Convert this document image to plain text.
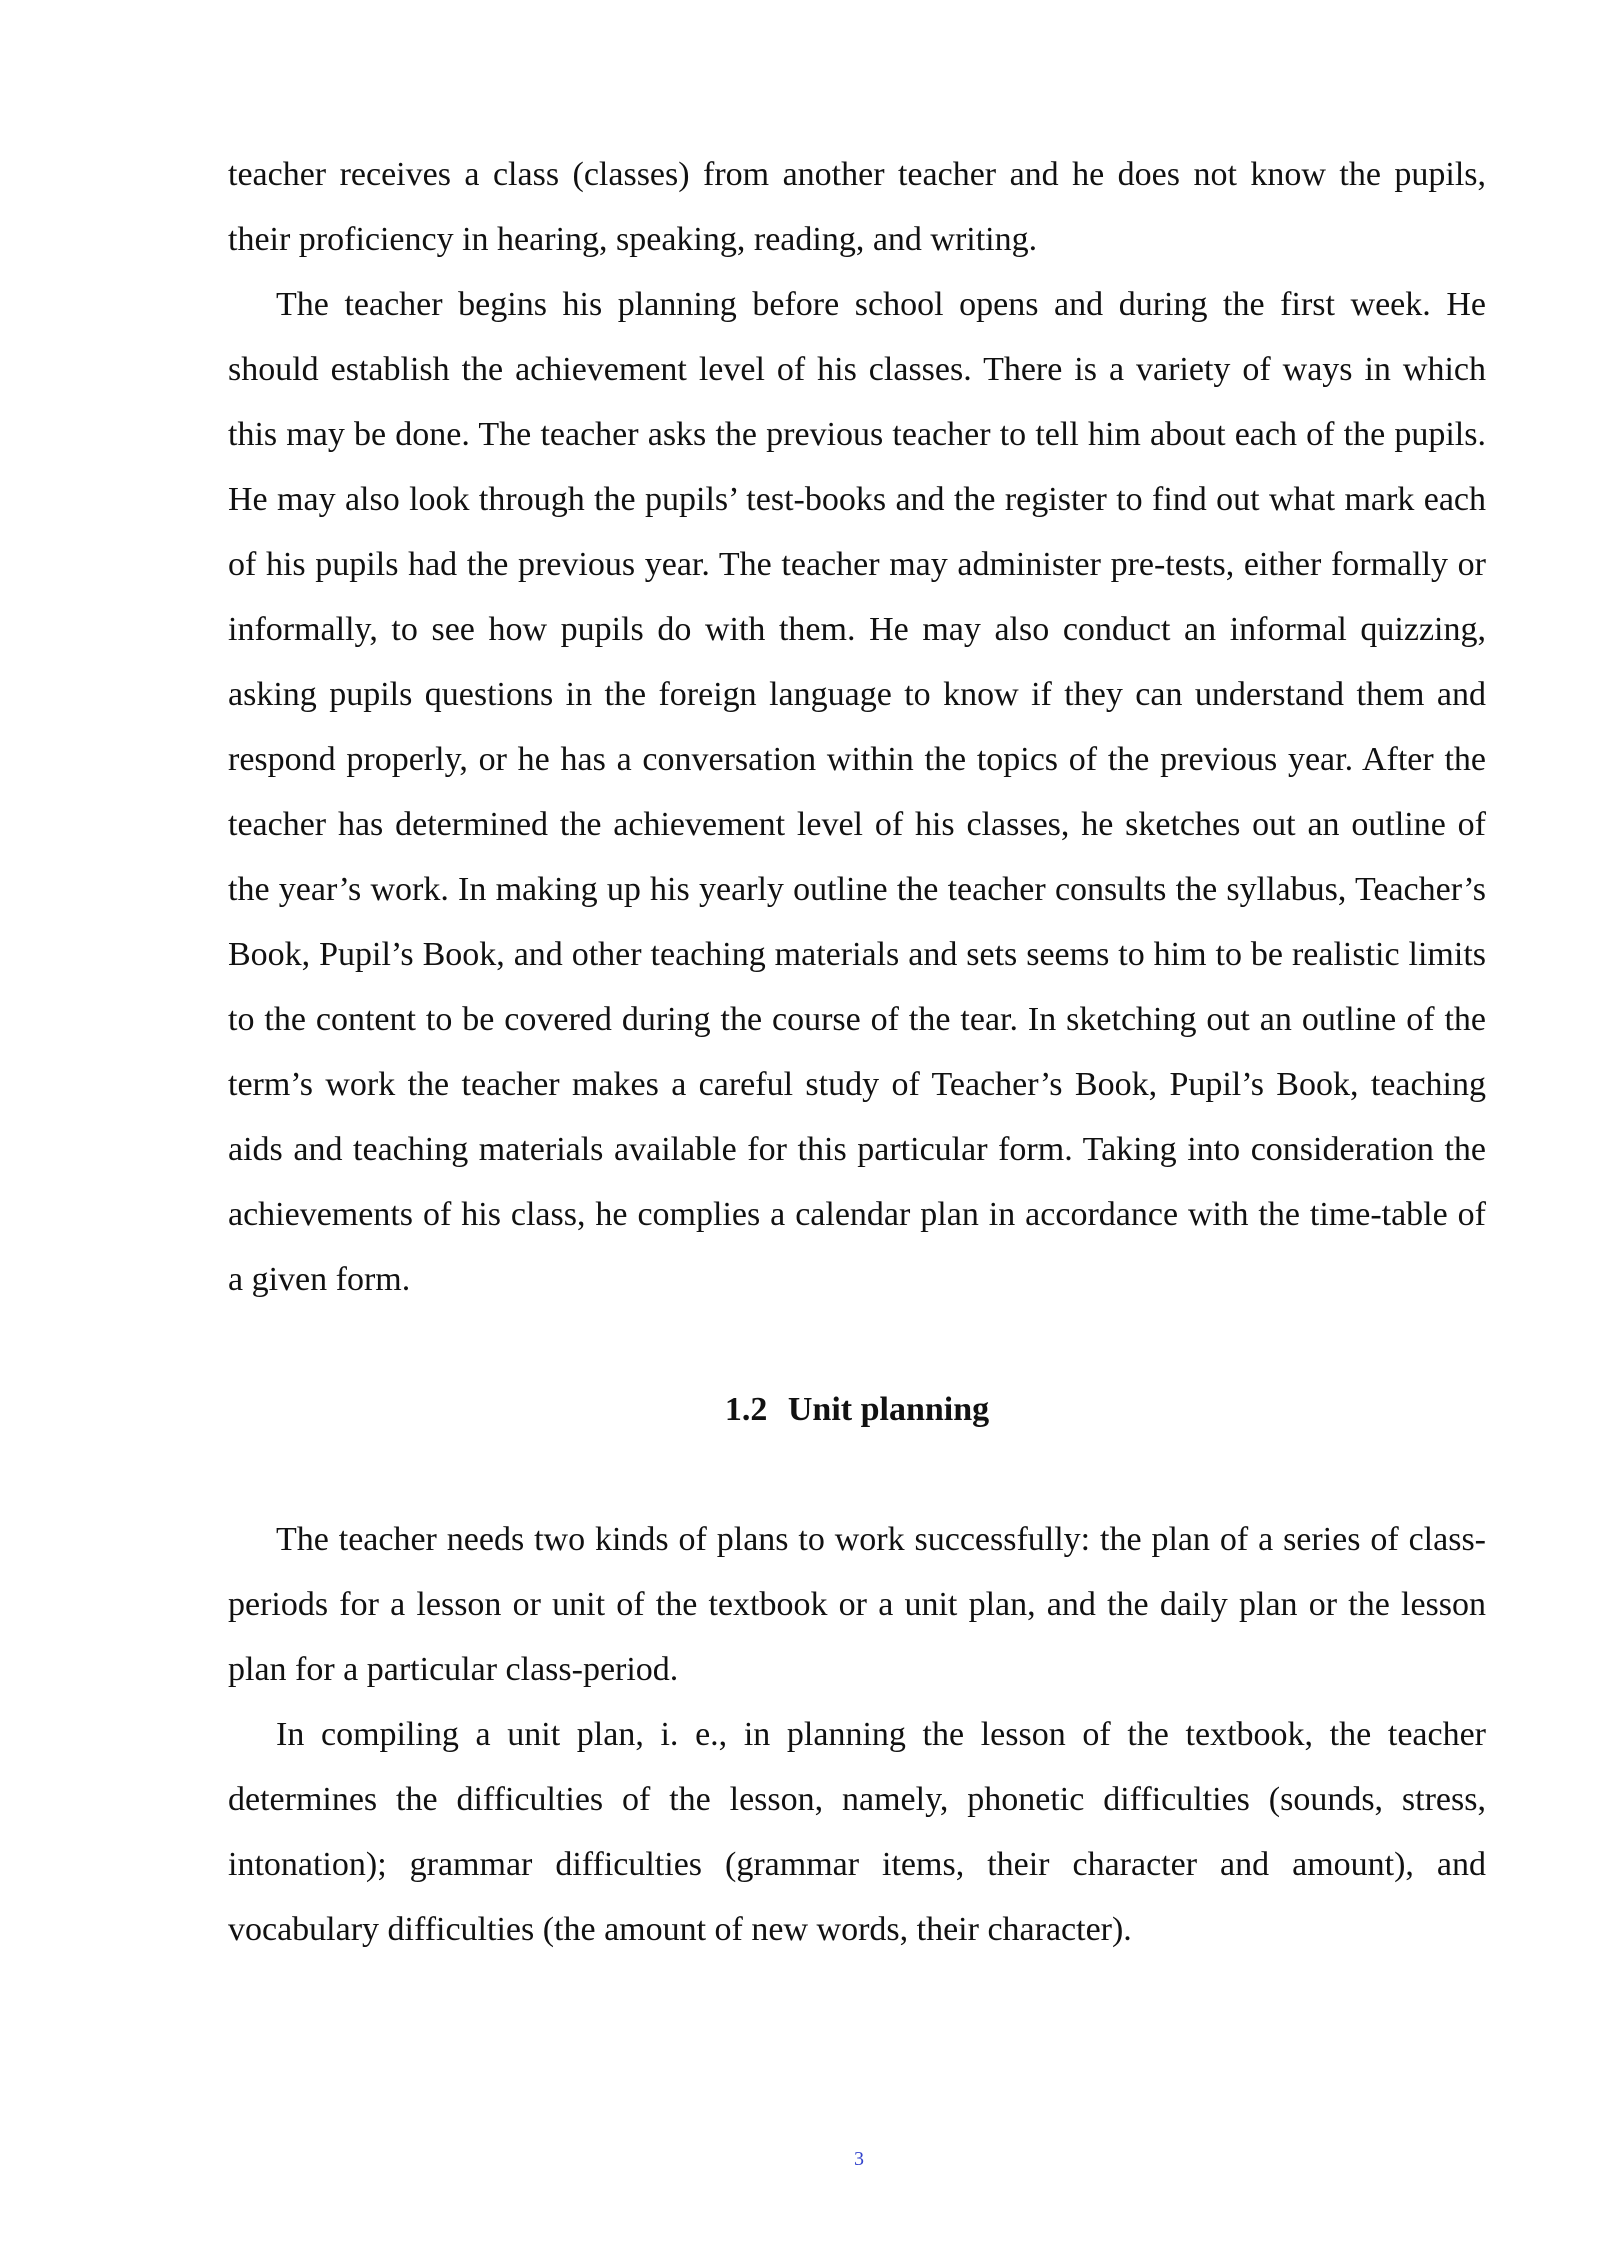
teacher receives a class (classes) from another teacher and he does not know the pupils, their proficiency in hearing, speaking, reading, and writing.

The teacher begins his planning before school opens and during the first week. He should establish the achievement level of his classes. There is a variety of ways in which this may be done. The teacher asks the previous teacher to tell him about each of the pupils. He may also look through the pupils’ test-books and the register to find out what mark each of his pupils had the previous year. The teacher may administer pre-tests, either formally or informally, to see how pupils do with them. He may also conduct an informal quizzing, asking pupils questions in the foreign language to know if they can understand them and respond properly, or he has a conversation within the topics of the previous year. After the teacher has determined the achievement level of his classes, he sketches out an outline of the year’s work. In making up his yearly outline the teacher consults the syllabus, Teacher’s Book, Pupil’s Book, and other teaching materials and sets seems to him to be realistic limits to the content to be covered during the course of the tear. In sketching out an outline of the term’s work the teacher makes a careful study of Teacher’s Book, Pupil’s Book, teaching aids and teaching materials available for this particular form. Taking into consideration the achievements of his class, he complies a calendar plan in accordance with the time-table of a given form.

1.2 Unit planning

The teacher needs two kinds of plans to work successfully: the plan of a series of class-periods for a lesson or unit of the textbook or a unit plan, and the daily plan or the lesson plan for a particular class-period.

In compiling a unit plan, i. e., in planning the lesson of the textbook, the teacher determines the difficulties of the lesson, namely, phonetic difficulties (sounds, stress, intonation); grammar difficulties (grammar items, their character and amount), and vocabulary difficulties (the amount of new words, their character).

3
